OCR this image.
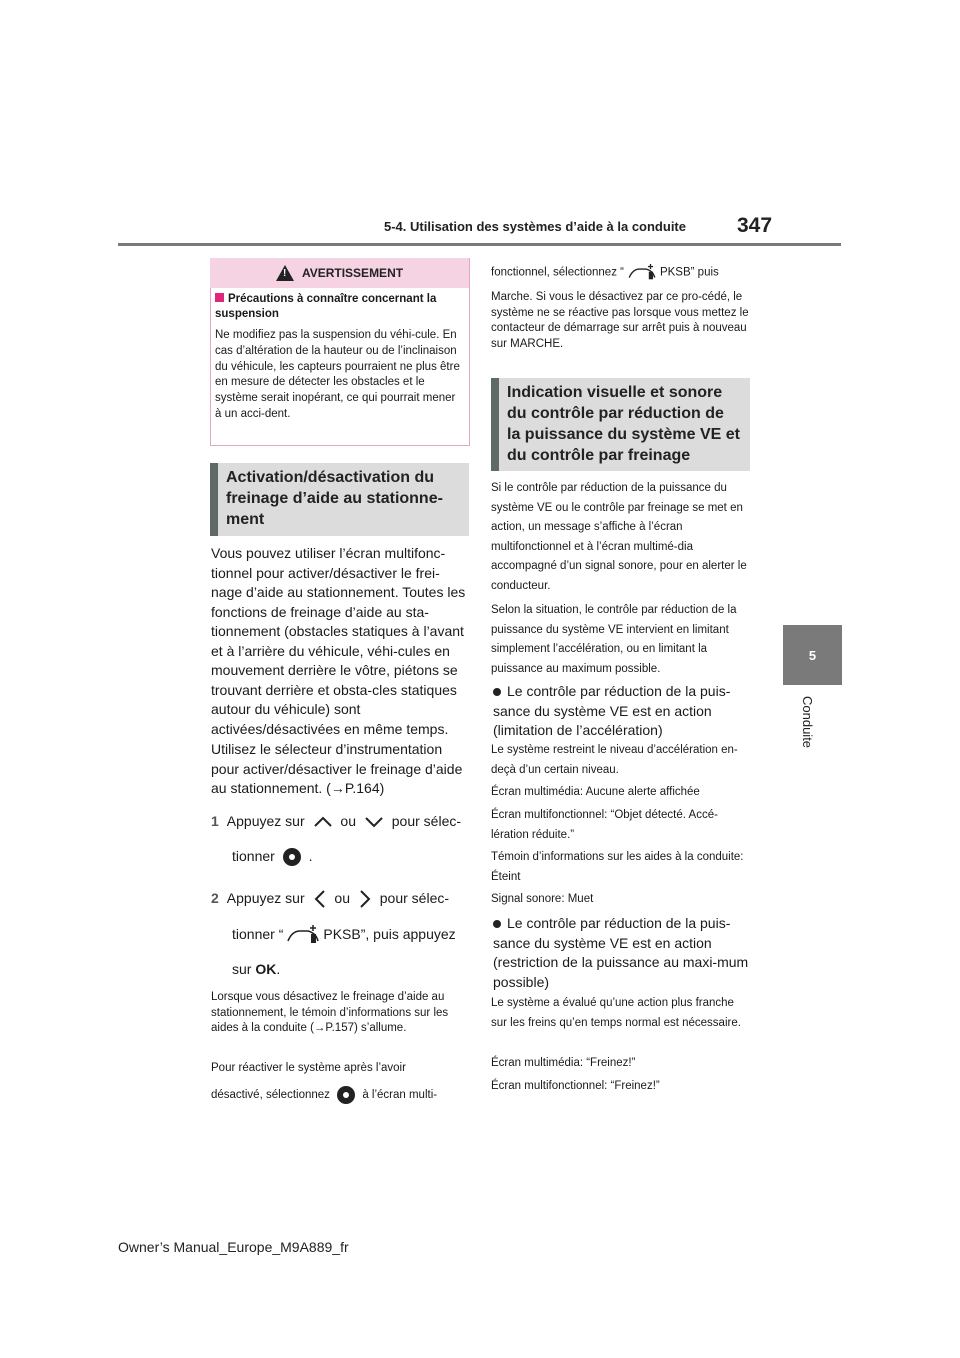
5-4. Utilisation des systèmes d’aide à la conduite 347
5
Conduite
!
AVERTISSEMENT
Précautions à connaître concernant la suspension
Ne modifiez pas la suspension du véhi-cule. En cas d’altération de la hauteur ou de l’inclinaison du véhicule, les capteurs pourraient ne plus être en mesure de détecter les obstacles et le système serait inopérant, ce qui pourrait mener à un acci-dent.
Activation/désactivation du freinage d’aide au stationne-ment
Vous pouvez utiliser l’écran multifonc-tionnel pour activer/désactiver le frei-nage d’aide au stationnement. Toutes les fonctions de freinage d’aide au sta-tionnement (obstacles statiques à l’avant et à l’arrière du véhicule, véhi-cules en mouvement derrière le vôtre, piétons se trouvant derrière et obsta-cles statiques autour du véhicule) sont activées/désactivées en même temps.
Utilisez le sélecteur d’instrumentation pour activer/désactiver le freinage d’aide au stationnement. (→P.164)
1 Appuyez sur	ou	pour sélec-
tionner .
2 Appuyez sur ou pour sélec-
tionner “	PKSB”, puis appuyez
sur OK.
Lorsque vous désactivez le freinage d’aide au stationnement, le témoin d’informations sur les aides à la conduite (→P.157) s’allume.
Pour réactiver le système après l’avoir
désactivé, sélectionnez	à l’écran multi-
fonctionnel, sélectionnez “	PKSB” puis
Marche. Si vous le désactivez par ce pro-cédé, le système ne se réactive pas lorsque vous mettez le contacteur de démarrage sur arrêt puis à nouveau sur MARCHE.
Indication visuelle et sonore du contrôle par réduction de la puissance du système VE et du contrôle par freinage
Si le contrôle par réduction de la puissance du système VE ou le contrôle par freinage se met en action, un message s’affiche à l’écran multifonctionnel et à l’écran multimé-dia accompagné d’un signal sonore, pour en alerter le conducteur.
Selon la situation, le contrôle par réduction de la puissance du système VE intervient en limitant simplement l’accélération, ou en limitant la puissance au maximum possible.
Le contrôle par réduction de la puis-sance du système VE est en action (limitation de l’accélération)
Le système restreint le niveau d’accélération en-deçà d’un certain niveau.
Écran multimédia: Aucune alerte affichée
Écran multifonctionnel: “Objet détecté. Accé-lération réduite.”
Témoin d’informations sur les aides à la conduite: Éteint
Signal sonore: Muet
Le contrôle par réduction de la puis-sance du système VE est en action (restriction de la puissance au maxi-mum possible)
Le système a évalué qu’une action plus franche sur les freins qu’en temps normal est nécessaire.
Écran multimédia: “Freinez!”
Écran multifonctionnel: “Freinez!”
Owner’s Manual_Europe_M9A889_fr
